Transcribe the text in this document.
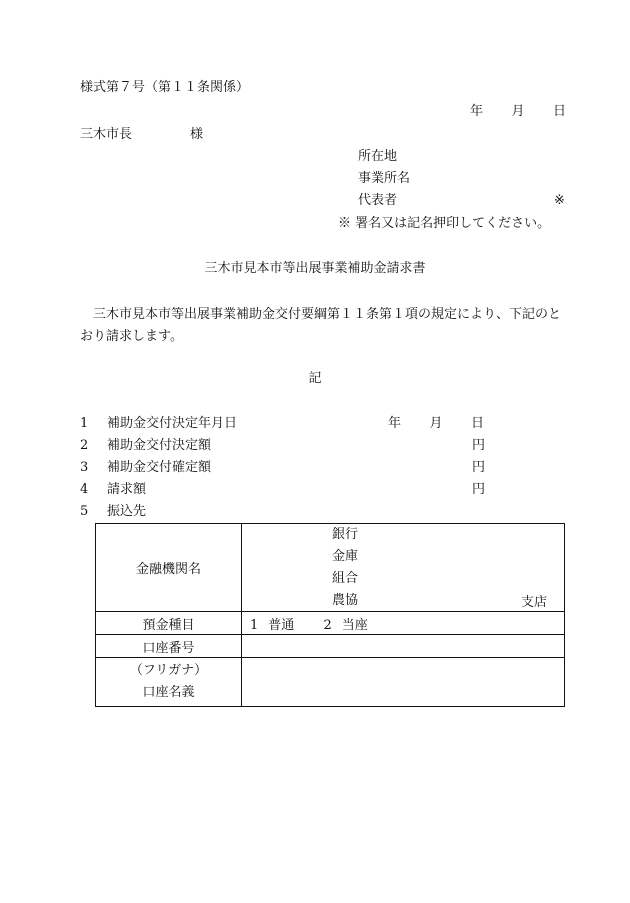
様式第７号（第１１条関係）
年 月 日
三木市長	様
所在地
事業所名
代表者	※
※ 署名又は記名押印してください。
三木市見本市等出展事業補助金請求書
三木市見本市等出展事業補助金交付要綱第１１条第１項の規定により、下記のとおり請求します。
記
1 補助金交付決定年月日	年 月 日
2 補助金交付決定額	円
3 補助金交付確定額	円
4 請求額	円
5 振込先
金融機関名	銀行
金庫
組合
農協 支店

預金種目	1 普通 2 当座
口座番号	

（フリガナ）
口座名義	
